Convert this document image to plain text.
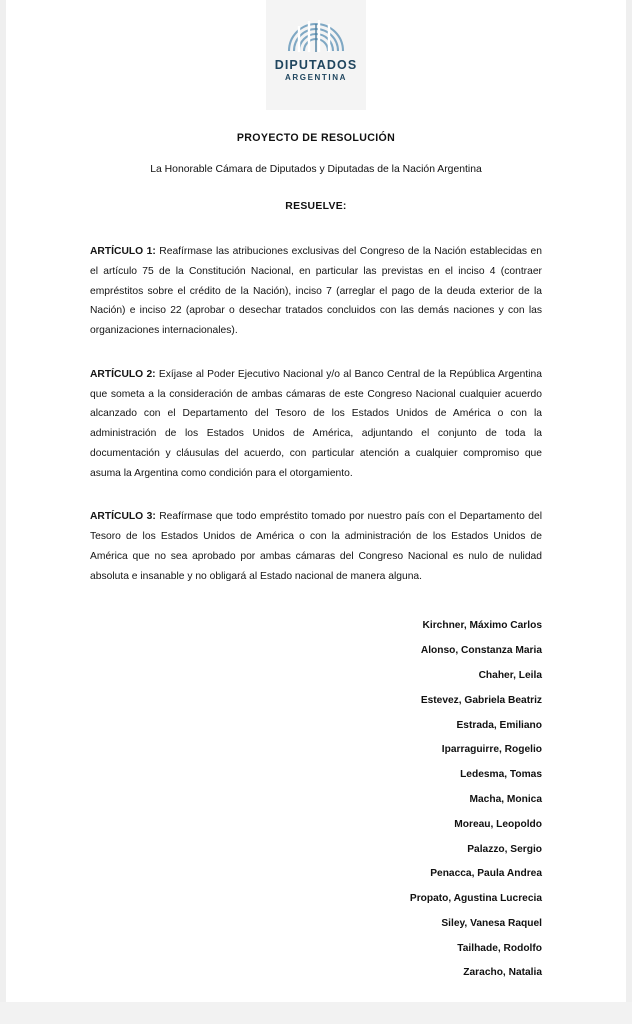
DIPUTADOS
ARGENTINA
PROYECTO DE RESOLUCIÓN

La Honorable Cámara de Diputados y Diputadas de la Nación Argentina

RESUELVE:

ARTÍCULO 1: Reafírmase las atribuciones exclusivas del Congreso de la Nación establecidas en el artículo 75 de la Constitución Nacional, en particular las previstas en el inciso 4 (contraer empréstitos sobre el crédito de la Nación), inciso 7 (arreglar el pago de la deuda exterior de la Nación) e inciso 22 (aprobar o desechar tratados concluidos con las demás naciones y con las organizaciones internacionales).

ARTÍCULO 2: Exíjase al Poder Ejecutivo Nacional y/o al Banco Central de la República Argentina que someta a la consideración de ambas cámaras de este Congreso Nacional cualquier acuerdo alcanzado con el Departamento del Tesoro de los Estados Unidos de América o con la administración de los Estados Unidos de América, adjuntando el conjunto de toda la documentación y cláusulas del acuerdo, con particular atención a cualquier compromiso que asuma la Argentina como condición para el otorgamiento.

ARTÍCULO 3: Reafírmase que todo empréstito tomado por nuestro país con el Departamento del Tesoro de los Estados Unidos de América o con la administración de los Estados Unidos de América que no sea aprobado por ambas cámaras del Congreso Nacional es nulo de nulidad absoluta e insanable y no obligará al Estado nacional de manera alguna.

Kirchner, Máximo Carlos
Alonso, Constanza Maria
Chaher, Leila
Estevez, Gabriela Beatriz
Estrada, Emiliano
Iparraguirre, Rogelio
Ledesma, Tomas
Macha, Monica
Moreau, Leopoldo
Palazzo, Sergio
Penacca, Paula Andrea
Propato, Agustina Lucrecia
Siley, Vanesa Raquel
Tailhade, Rodolfo
Zaracho, Natalia
